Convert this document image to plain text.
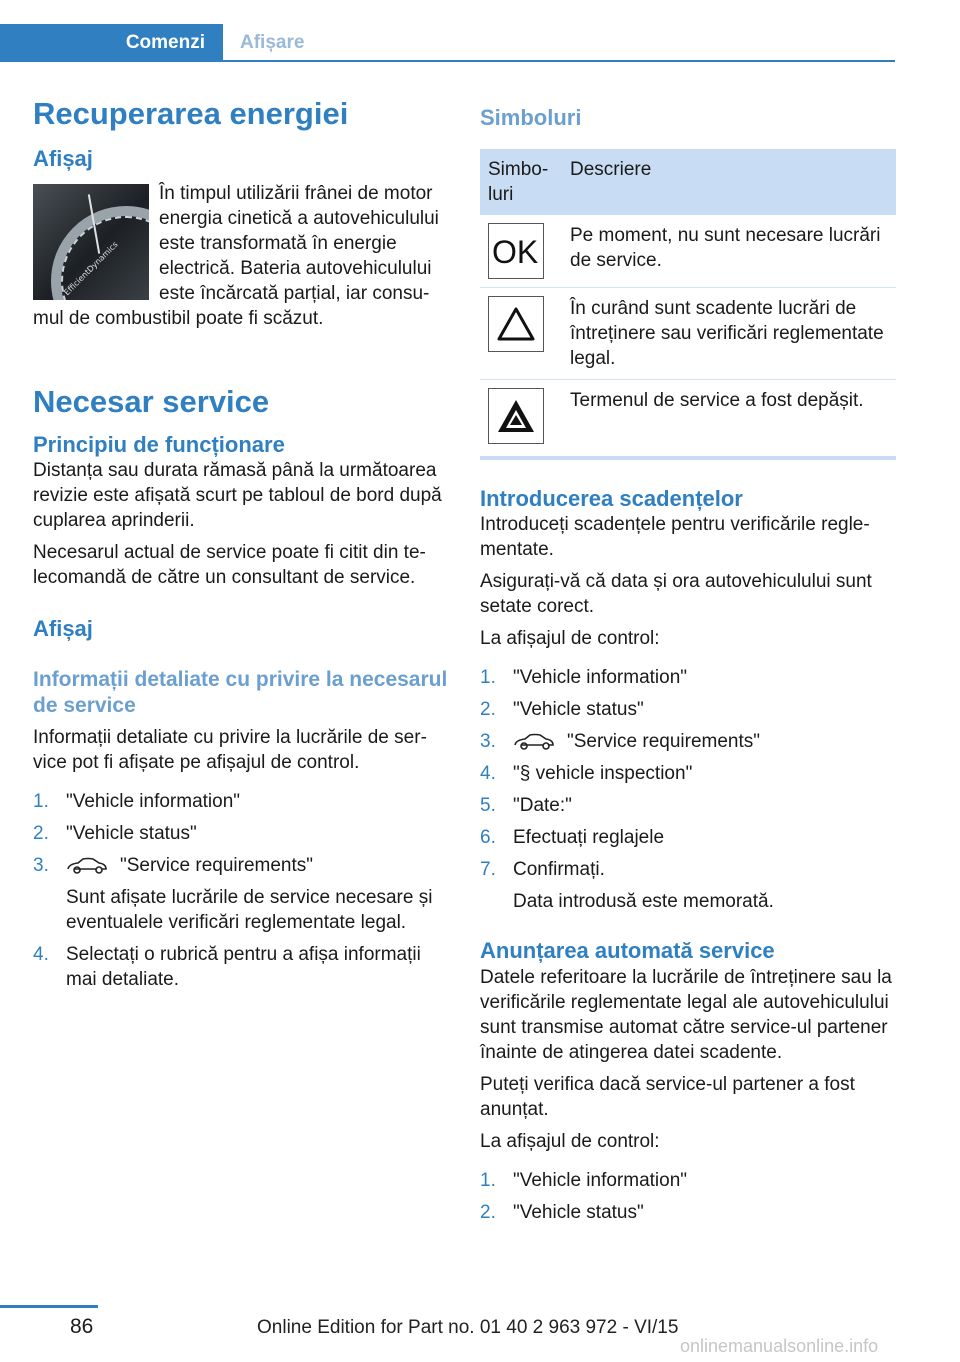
Comenzi	Afișare
Recuperarea energiei
Afișaj
EfficientDynamics
În timpul utilizării frânei de motor energia cinetică a autovehiculului este transformată în energie electrică. Bateria autovehiculului este încărcată parțial, iar consumul de combustibil poate fi scăzut.
Necesar service
Principiu de funcționare
Distanța sau durata rămasă până la următoarea revizie este afișată scurt pe tabloul de bord după cuplarea aprinderii.
Necesarul actual de service poate fi citit din telecomandă de către un consultant de service.
Afișaj
Informații detaliate cu privire la necesarul de service
Informații detaliate cu privire la lucrările de service pot fi afișate pe afișajul de control.
1. "Vehicle information"
2. "Vehicle status"
3.	"Service requirements"
Sunt afișate lucrările de service necesare și eventualele verificări reglementate legal.
4. Selectați o rubrică pentru a afișa informații mai detaliate.
Simboluri
Simboluri	Descriere

OK	Pe moment, nu sunt necesare lucrări de service.

	În curând sunt scadente lucrări de întreținere sau verificări reglementate legal.

	Termenul de service a fost depășit.
Introducerea scadențelor
Introduceți scadențele pentru verificările reglementate.
Asigurați-vă că data și ora autovehiculului sunt setate corect.
La afișajul de control:
1. "Vehicle information"
2. "Vehicle status"
3.	"Service requirements"
4. "§ vehicle inspection"
5. "Date:"
6. Efectuați reglajele
7. Confirmați.
Data introdusă este memorată.
Anunțarea automată service
Datele referitoare la lucrările de întreținere sau la verificările reglementate legal ale autovehiculului sunt transmise automat către service-ul partener înainte de atingerea datei scadente.
Puteți verifica dacă service-ul partener a fost anunțat.
La afișajul de control:
1. "Vehicle information"
2. "Vehicle status"
86	Online Edition for Part no. 01 40 2 963 972 - VI/15
onlinemanualsonline.info
